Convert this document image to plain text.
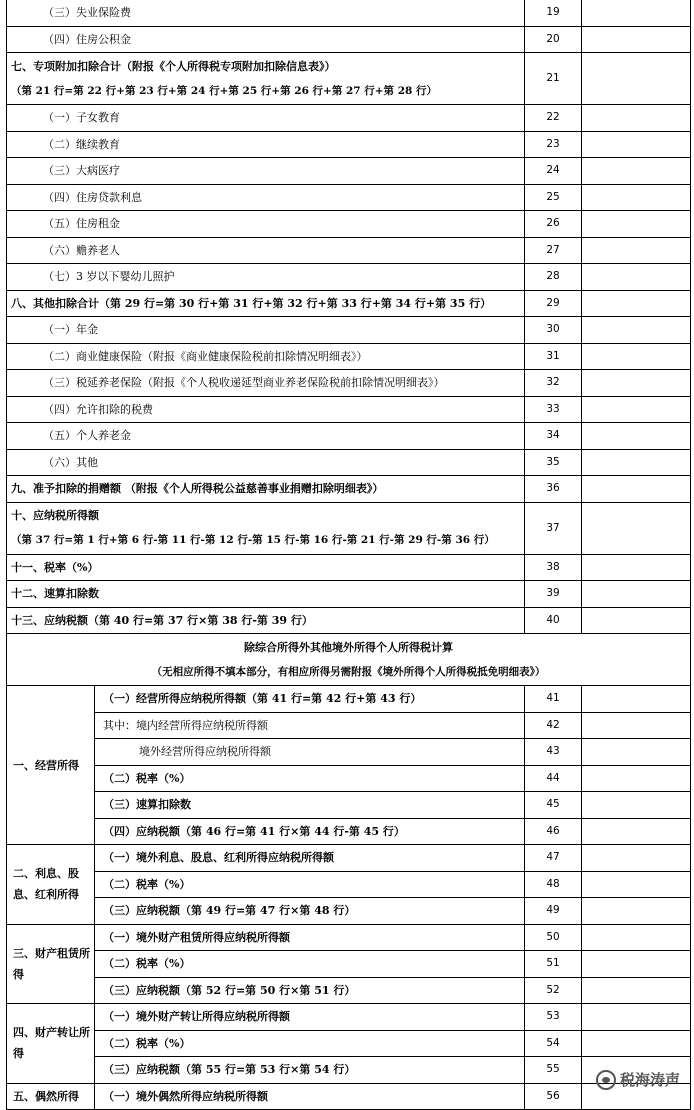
（三）失业保险费		19	
（四）住房公积金		20	

七、专项附加扣除合计（附报《个人所得税专项附加扣除信息表》）
（第 21 行=第 22 行+第 23 行+第 24 行+第 25 行+第 26 行+第 27 行+第 28 行）		21	
（一）子女教育		22	
（二）继续教育		23	
（三）大病医疗		24	
（四）住房贷款利息		25	
（五）住房租金		26	
（六）赡养老人		27	
（七）3 岁以下婴幼儿照护		28	
八、其他扣除合计（第 29 行=第 30 行+第 31 行+第 32 行+第 33 行+第 34 行+第 35 行）		29	
（一）年金		30	
（二）商业健康保险（附报《商业健康保险税前扣除情况明细表》）		31	
（三）税延养老保险（附报《个人税收递延型商业养老保险税前扣除情况明细表》）		32	
（四）允许扣除的税费		33	
（五）个人养老金		34	
（六）其他		35	
九、准予扣除的捐赠额 （附报《个人所得税公益慈善事业捐赠扣除明细表》）		36	

十、应纳税所得额
（第 37 行=第 1 行+第 6 行-第 11 行-第 12 行-第 15 行-第 16 行-第 21 行-第 29 行-第 36 行）		37	
十一、税率（%）		38	
十二、速算扣除数		39	
十三、应纳税额（第 40 行=第 37 行×第 38 行-第 39 行）		40	

除综合所得外其他境外所得个人所得税计算
（无相应所得不填本部分，有相应所得另需附报《境外所得个人所得税抵免明细表》）			

一、经营所得	（一）经营所得应纳税所得额（第 41 行=第 42 行+第 43 行）	41	
	其中：境内经营所得应纳税所得额	42	
	境外经营所得应纳税所得额	43	
	（二）税率（%）	44	
	（三）速算扣除数	45	
	（四）应纳税额（第 46 行=第 41 行×第 44 行-第 45 行）	46	
二、利息、股息、红利所得	（一）境外利息、股息、红利所得应纳税所得额	47	
	（二）税率（%）	48	
	（三）应纳税额（第 49 行=第 47 行×第 48 行）	49	
三、财产租赁所得	（一）境外财产租赁所得应纳税所得额	50	
	（二）税率（%）	51	
	（三）应纳税额（第 52 行=第 50 行×第 51 行）	52	
四、财产转让所得	（一）境外财产转让所得应纳税所得额	53	
	（二）税率（%）	54	
	（三）应纳税额（第 55 行=第 53 行×第 54 行）	55	
五、偶然所得	（一）境外偶然所得应纳税所得额	56	
税海涛声
